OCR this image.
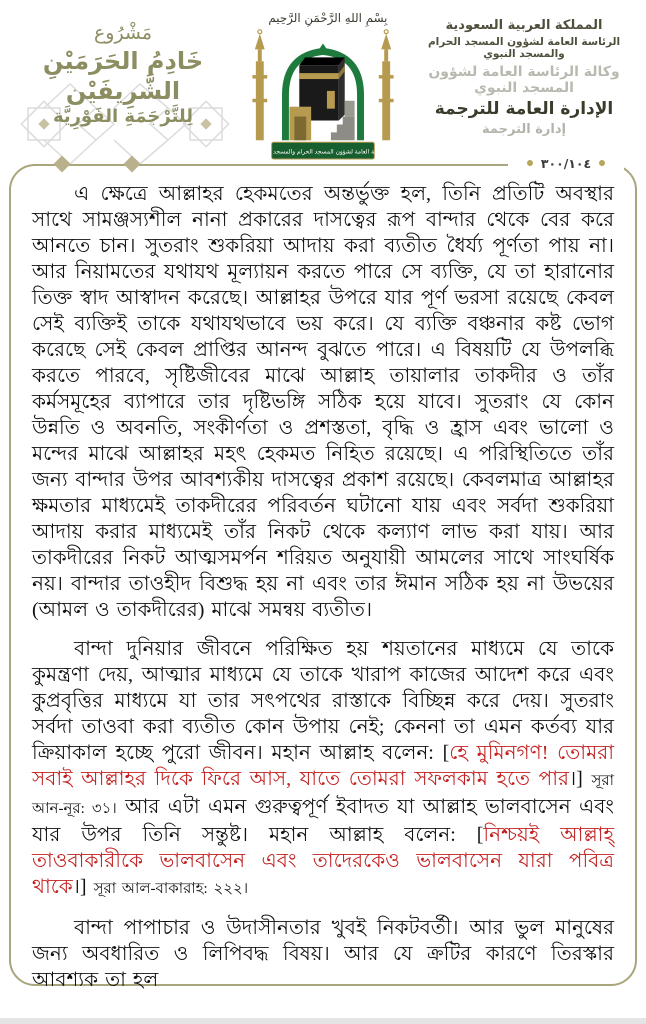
مَشْرُوع
خَادِمُ الحَرَمَيْنِ الشَّرِيفَيْن
لِلتَّرْجَمَةِ الفَوْرِيَّة
بِسْمِ اللهِ الرَّحْمَنِ الرَّحِيم
الرئاسة العامة لشؤون المسجد الحرام والمسجد النبوي
المملكة العربية السعودية
الرئاسة العامة لشؤون المسجد الحرام والمسجد النبوي
وكالة الرئاسة العامة لشؤون المسجد النبوي
الإدارة العامة للترجمة
إدارة الترجمة
٣٠٠/١٠٤

এ ক্ষেত্রে আল্লাহর হেকমতের অন্তর্ভুক্ত হল, তিনি প্রতিটি অবস্থার সাথে সামঞ্জস্যশীল নানা প্রকারের দাসত্বের রূপ বান্দার থেকে বের করে আনতে চান। সুতরাং শুকরিয়া আদায় করা ব্যতীত ধৈর্য্য পূর্ণতা পায় না। আর নিয়ামতের যথাযথ মূল্যায়ন করতে পারে সে ব্যক্তি, যে তা হারানোর তিক্ত স্বাদ আস্বাদন করেছে। আল্লাহর উপরে যার পূর্ণ ভরসা রয়েছে কেবল সেই ব্যক্তিই তাকে যথাযথভাবে ভয় করে। যে ব্যক্তি বঞ্চনার কষ্ট ভোগ করেছে সেই কেবল প্রাপ্তির আনন্দ বুঝতে পারে। এ বিষয়টি যে উপলব্ধি করতে পারবে, সৃষ্টিজীবের মাঝে আল্লাহ তায়ালার তাকদীর ও তাঁর কর্মসমূহের ব্যাপারে তার দৃষ্টিভঙ্গি সঠিক হয়ে যাবে। সুতরাং যে কোন উন্নতি ও অবনতি, সংকীর্ণতা ও প্রশস্ততা, বৃদ্ধি ও হ্রাস এবং ভালো ও মন্দের মাঝে আল্লাহর মহৎ হেকমত নিহিত রয়েছে। এ পরিস্থিতিতে তাঁর জন্য বান্দার উপর আবশ্যকীয় দাসত্বের প্রকাশ রয়েছে। কেবলমাত্র আল্লাহর ক্ষমতার মাধ্যমেই তাকদীরের পরিবর্তন ঘটানো যায় এবং সর্বদা শুকরিয়া আদায় করার মাধ্যমেই তাঁর নিকট থেকে কল্যাণ লাভ করা যায়। আর তাকদীরের নিকট আত্মসমর্পন শরিয়ত অনুযায়ী আমলের সাথে সাংঘর্ষিক নয়। বান্দার তাওহীদ বিশুদ্ধ হয় না এবং তার ঈমান সঠিক হয় না উভয়ের (আমল ও তাকদীরের) মাঝে সমন্বয় ব্যতীত।

বান্দা দুনিয়ার জীবনে পরিক্ষিত হয় শয়তানের মাধ্যমে যে তাকে কুমন্ত্রণা দেয়, আত্মার মাধ্যমে যে তাকে খারাপ কাজের আদেশ করে এবং কুপ্রবৃত্তির মাধ্যমে যা তার সৎপথের রাস্তাকে বিচ্ছিন্ন করে দেয়। সুতরাং সর্বদা তাওবা করা ব্যতীত কোন উপায় নেই; কেননা তা এমন কর্তব্য যার ক্রিয়াকাল হচ্ছে পুরো জীবন। মহান আল্লাহ বলেন: [হে মুমিনগণ! তোমরা সবাই আল্লাহর দিকে ফিরে আস, যাতে তোমরা সফলকাম হতে পার।] সূরা আন-নূর: ৩১। আর এটা এমন গুরুত্বপূর্ণ ইবাদত যা আল্লাহ ভালবাসেন এবং যার উপর তিনি সন্তুষ্ট। মহান আল্লাহ বলেন: [নিশ্চয়ই আল্লাহ্ তাওবাকারীকে ভালবাসেন এবং তাদেরকেও ভালবাসেন যারা পবিত্র থাকে।] সূরা আল-বাকারাহ: ২২২।

বান্দা পাপাচার ও উদাসীনতার খুবই নিকটবর্তী। আর ভুল মানুষের জন্য অবধারিত ও লিপিবদ্ধ বিষয়। আর যে ক্রটির কারণে তিরস্কার আবশ্যক তা হল
